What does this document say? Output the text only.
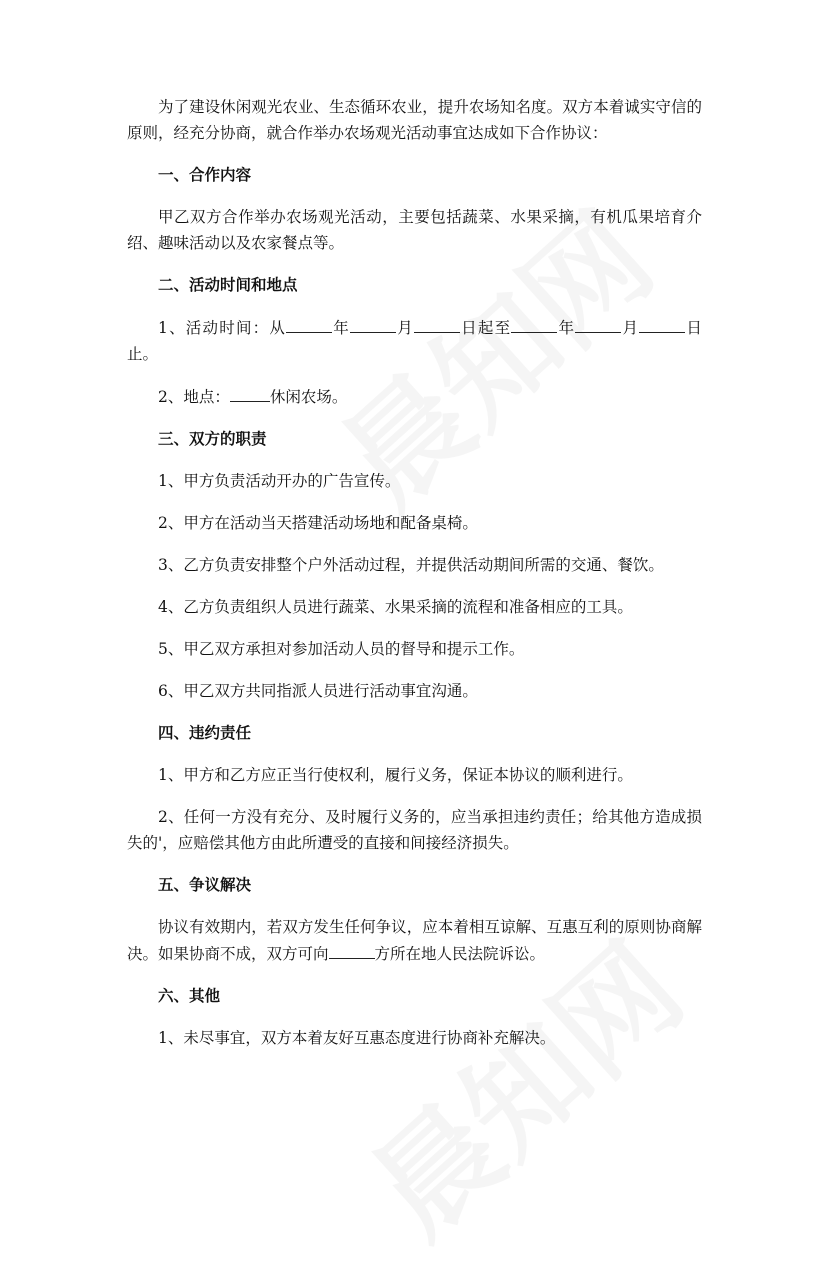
为了建设休闲观光农业、生态循环农业，提升农场知名度。双方本着诚实守信的原则，经充分协商，就合作举办农场观光活动事宜达成如下合作协议：

一、合作内容

甲乙双方合作举办农场观光活动，主要包括蔬菜、水果采摘，有机瓜果培育介绍、趣味活动以及农家餐点等。

二、活动时间和地点

1、活动时间：从	年	月	日起至	年	月	日止。

2、地点：	休闲农场。

三、双方的职责

1、甲方负责活动开办的广告宣传。

2、甲方在活动当天搭建活动场地和配备桌椅。

3、乙方负责安排整个户外活动过程，并提供活动期间所需的交通、餐饮。

4、乙方负责组织人员进行蔬菜、水果采摘的流程和准备相应的工具。

5、甲乙双方承担对参加活动人员的督导和提示工作。

6、甲乙双方共同指派人员进行活动事宜沟通。

四、违约责任

1、甲方和乙方应正当行使权利，履行义务，保证本协议的顺利进行。

2、任何一方没有充分、及时履行义务的，应当承担违约责任；给其他方造成损失的'，应赔偿其他方由此所遭受的直接和间接经济损失。

五、争议解决

协议有效期内，若双方发生任何争议，应本着相互谅解、互惠互利的原则协商解决。如果协商不成，双方可向	方所在地人民法院诉讼。

六、其他

1、未尽事宜，双方本着友好互惠态度进行协商补充解决。
